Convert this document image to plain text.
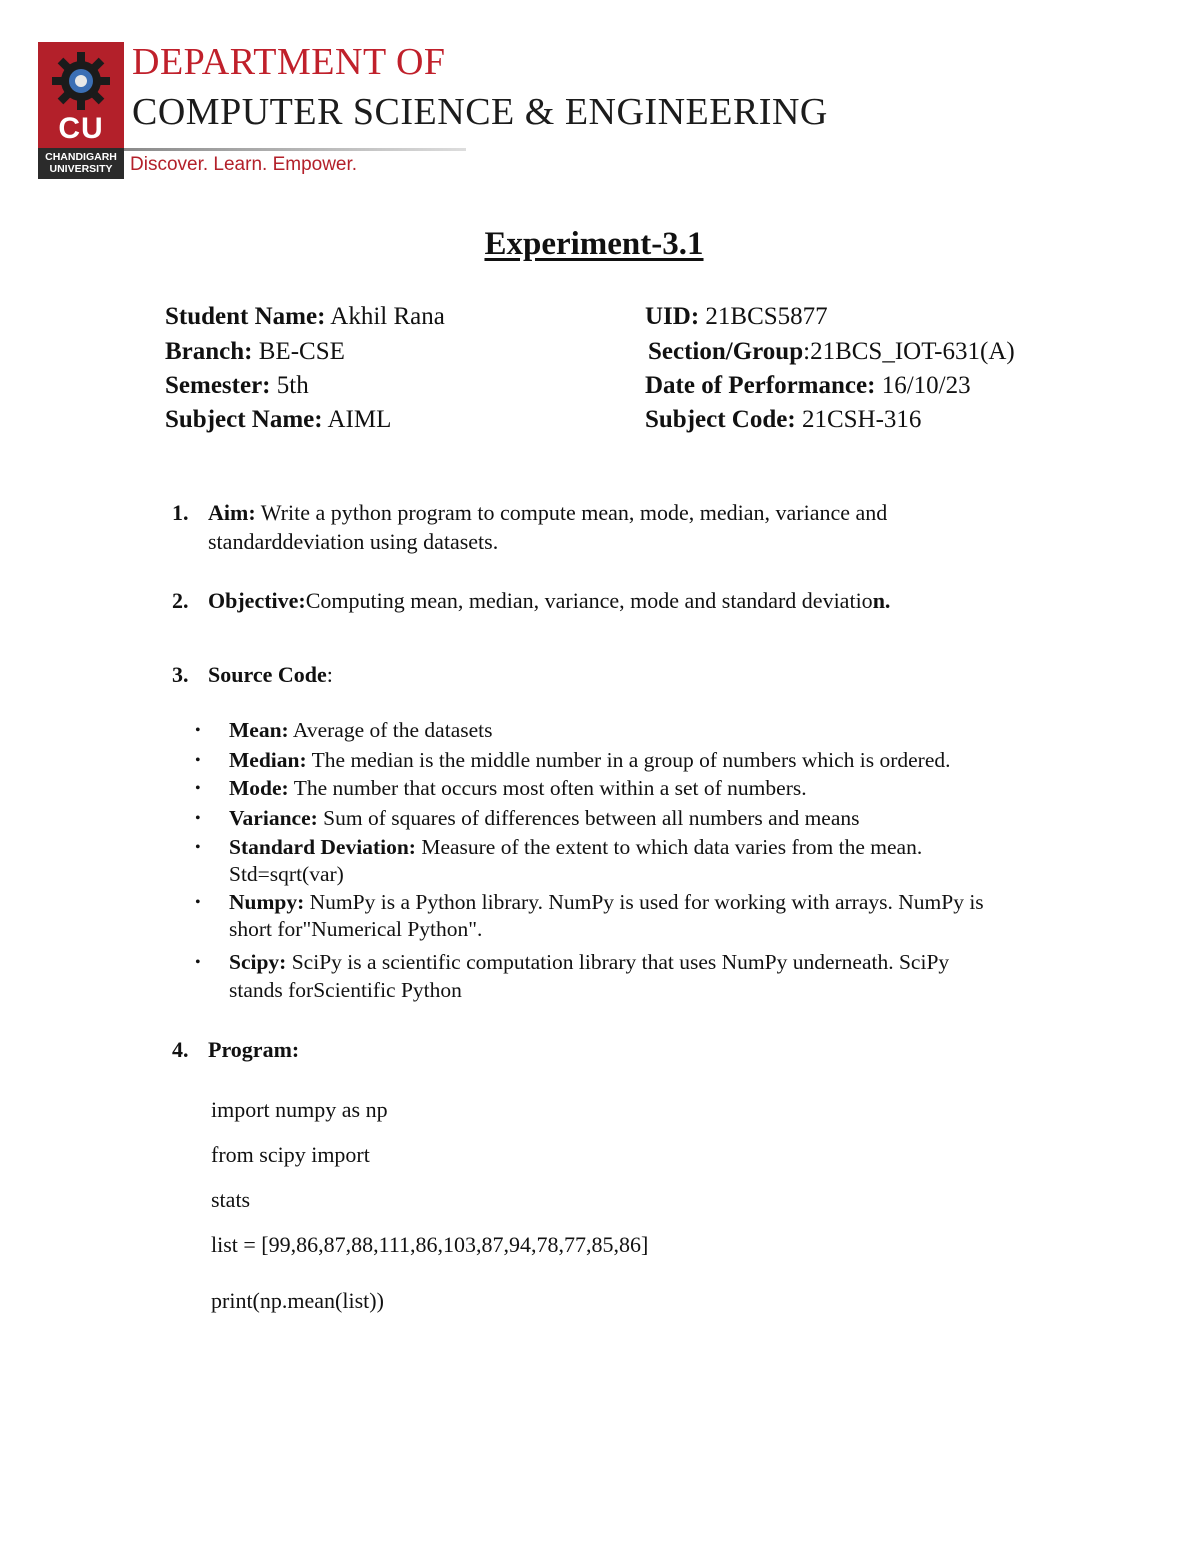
CU
CHANDIGARH
UNIVERSITY
DEPARTMENT OF
COMPUTER SCIENCE & ENGINEERING
Discover. Learn. Empower.
Experiment-3.1
Student Name: Akhil Rana	UID: 21BCS5877
Branch: BE-CSE	Section/Group:21BCS_IOT-631(A)
Semester: 5th	Date of Performance: 16/10/23
Subject Name: AIML	Subject Code: 21CSH-316
1. Aim: Write a python program to compute mean, mode, median, variance and
standarddeviation using datasets.
2. Objective:Computing mean, median, variance, mode and standard deviation.
3. Source Code:
• Mean: Average of the datasets
• Median: The median is the middle number in a group of numbers which is ordered.
• Mode: The number that occurs most often within a set of numbers.
• Variance: Sum of squares of differences between all numbers and means
• Standard Deviation: Measure of the extent to which data varies from the mean.
Std=sqrt(var)
• Numpy: NumPy is a Python library. NumPy is used for working with arrays. NumPy is
short for"Numerical Python".
• Scipy: SciPy is a scientific computation library that uses NumPy underneath. SciPy
stands forScientific Python
4. Program:
import numpy as np
from scipy import
stats
list = [99,86,87,88,111,86,103,87,94,78,77,85,86]
print(np.mean(list))
